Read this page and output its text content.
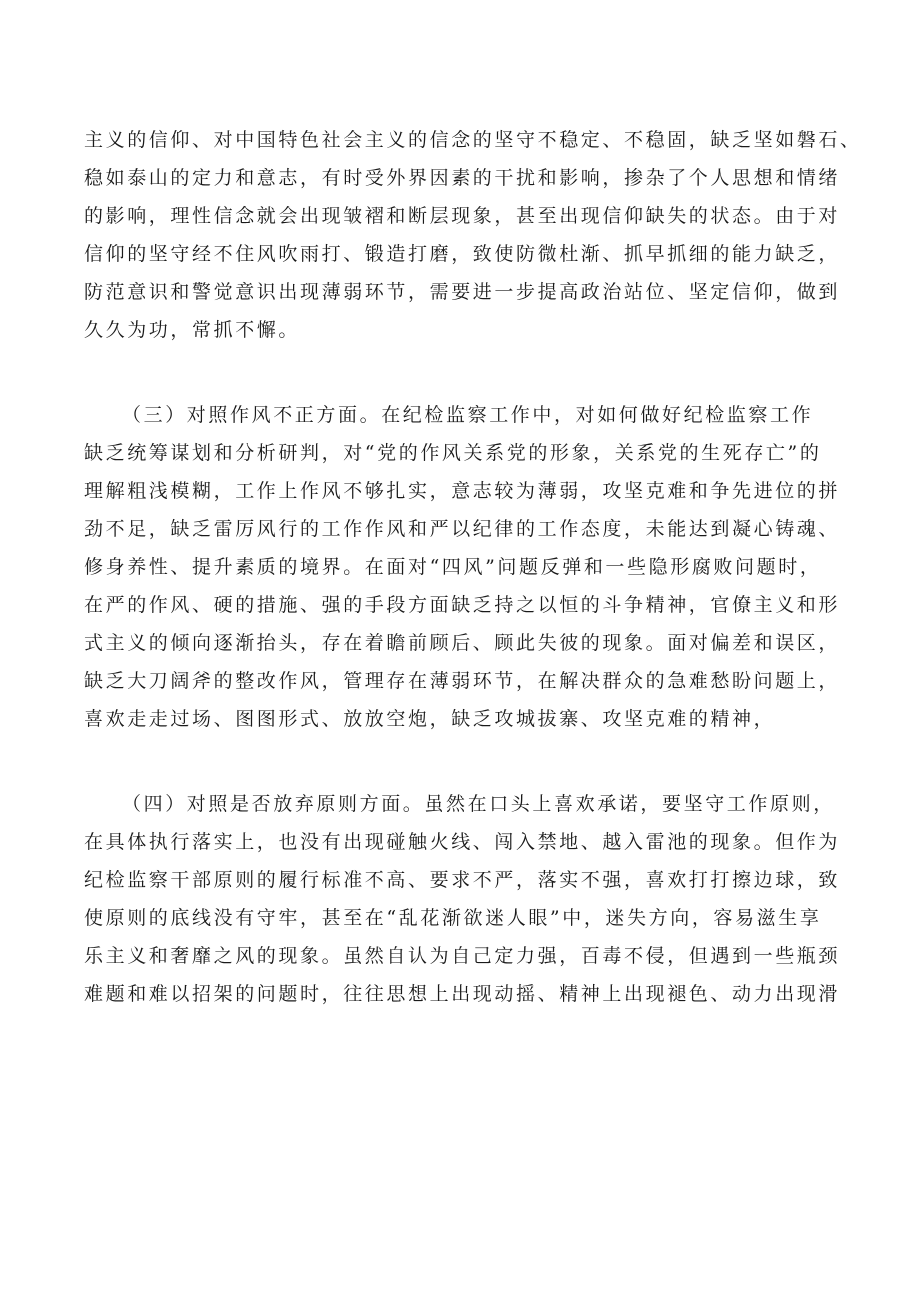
主义的信仰、对中国特色社会主义的信念的坚守不稳定、不稳固，缺乏坚如磐石、
稳如泰山的定力和意志，有时受外界因素的干扰和影响，掺杂了个人思想和情绪
的影响，理性信念就会出现皱褶和断层现象，甚至出现信仰缺失的状态。由于对
信仰的坚守经不住风吹雨打、锻造打磨，致使防微杜渐、抓早抓细的能力缺乏，
防范意识和警觉意识出现薄弱环节，需要进一步提高政治站位、坚定信仰，做到
久久为功，常抓不懈。
（三）对照作风不正方面。在纪检监察工作中，对如何做好纪检监察工作
缺乏统筹谋划和分析研判，对“党的作风关系党的形象，关系党的生死存亡”的
理解粗浅模糊，工作上作风不够扎实，意志较为薄弱，攻坚克难和争先进位的拼
劲不足，缺乏雷厉风行的工作作风和严以纪律的工作态度，未能达到凝心铸魂、
修身养性、提升素质的境界。在面对“四风”问题反弹和一些隐形腐败问题时，
在严的作风、硬的措施、强的手段方面缺乏持之以恒的斗争精神，官僚主义和形
式主义的倾向逐渐抬头，存在着瞻前顾后、顾此失彼的现象。面对偏差和误区，
缺乏大刀阔斧的整改作风，管理存在薄弱环节，在解决群众的急难愁盼问题上，
喜欢走走过场、图图形式、放放空炮，缺乏攻城拔寨、攻坚克难的精神，
（四）对照是否放弃原则方面。虽然在口头上喜欢承诺，要坚守工作原则，
在具体执行落实上，也没有出现碰触火线、闯入禁地、越入雷池的现象。但作为
纪检监察干部原则的履行标准不高、要求不严，落实不强，喜欢打打擦边球，致
使原则的底线没有守牢，甚至在“乱花渐欲迷人眼”中，迷失方向，容易滋生享
乐主义和奢靡之风的现象。虽然自认为自己定力强，百毒不侵，但遇到一些瓶颈
难题和难以招架的问题时，往往思想上出现动摇、精神上出现褪色、动力出现滑
